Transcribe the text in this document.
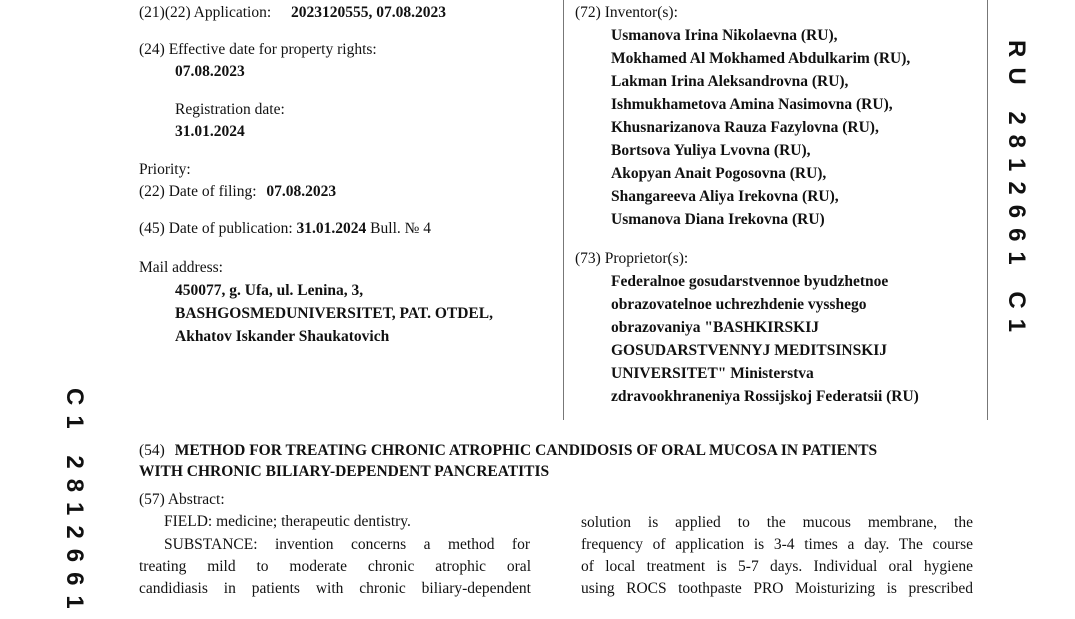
(21)(22) Application: 2023120555, 07.08.2023
(24) Effective date for property rights:
07.08.2023
Registration date:
31.01.2024
Priority:
(22) Date of filing: 07.08.2023
(45) Date of publication: 31.01.2024 Bull. № 4
Mail address:
450077, g. Ufa, ul. Lenina, 3,
BASHGOSMEDUNIVERSITET, PAT. OTDEL,
Akhatov Iskander Shaukatovich
(72) Inventor(s):
Usmanova Irina Nikolaevna (RU),
Mokhamed Al Mokhamed Abdulkarim (RU),
Lakman Irina Aleksandrovna (RU),
Ishmukhametova Amina Nasimovna (RU),
Khusnarizanova Rauza Fazylovna (RU),
Bortsova Yuliya Lvovna (RU),
Akopyan Anait Pogosovna (RU),
Shangareeva Aliya Irekovna (RU),
Usmanova Diana Irekovna (RU)
(73) Proprietor(s):
Federalnoe gosudarstvennoe byudzhetnoe
obrazovatelnoe uchrezhdenie vysshego
obrazovaniya "BASHKIRSKIJ
GOSUDARSTVENNYJ MEDITSINSKIJ
UNIVERSITET" Ministerstva
zdravookhraneniya Rossijskoj Federatsii (RU)
RU 2812661 C1
C1 2812661	(54) METHOD FOR TREATING CHRONIC ATROPHIC CANDIDOSIS OF ORAL MUCOSA IN PATIENTS
WITH CHRONIC BILIARY-DEPENDENT PANCREATITIS
(57) Abstract:
FIELD: medicine; therapeutic dentistry.
SUBSTANCE: invention concerns a method for
treating mild to moderate chronic atrophic oral
candidiasis in patients with chronic biliary-dependent
solution is applied to the mucous membrane, the
frequency of application is 3-4 times a day. The course
of local treatment is 5-7 days. Individual oral hygiene
using ROCS toothpaste PRO Moisturizing is prescribed
